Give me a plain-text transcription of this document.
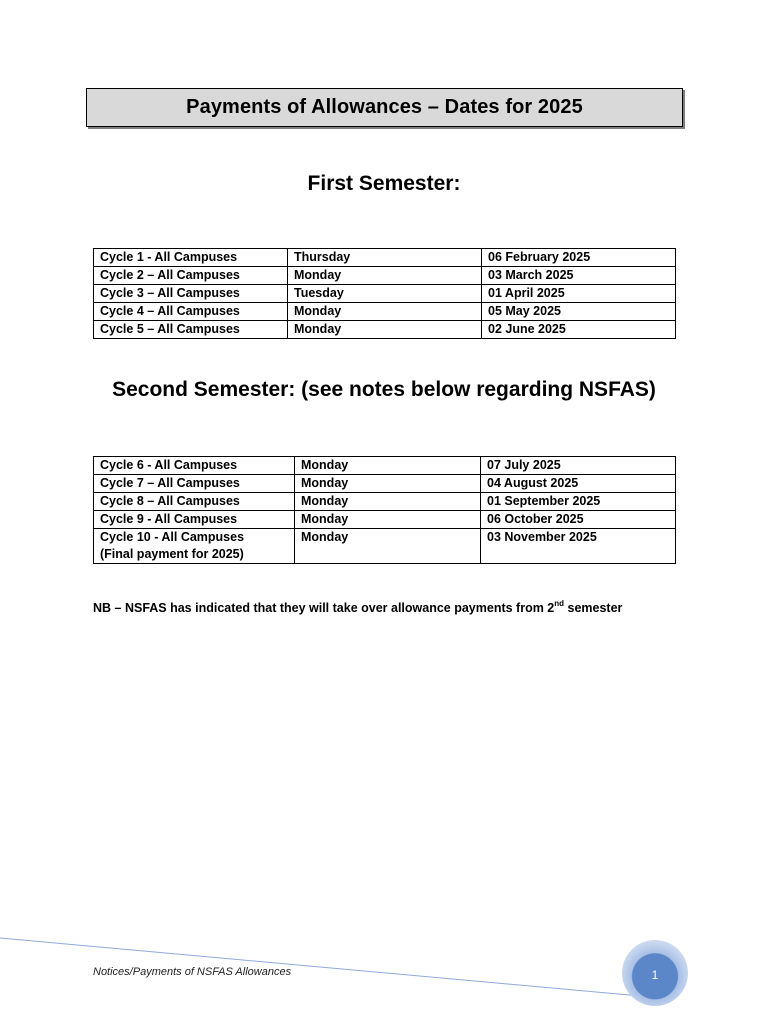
Payments of Allowances – Dates for 2025
First Semester:
Cycle 1 - All Campuses	Thursday	06 February 2025
Cycle 2 – All Campuses	Monday	03 March 2025
Cycle 3 – All Campuses	Tuesday	01 April 2025
Cycle 4 – All Campuses	Monday	05 May 2025
Cycle 5 – All Campuses	Monday	02 June 2025
Second Semester: (see notes below regarding NSFAS)
Cycle 6 - All Campuses	Monday	07 July 2025
Cycle 7 – All Campuses	Monday	04 August 2025
Cycle 8 – All Campuses	Monday	01 September 2025
Cycle 9 - All Campuses	Monday	06 October 2025

Cycle 10 - All Campuses
(Final payment for 2025)	Monday	03 November 2025
NB – NSFAS has indicated that they will take over allowance payments from 2nd semester
Notices/Payments of NSFAS Allowances	1
